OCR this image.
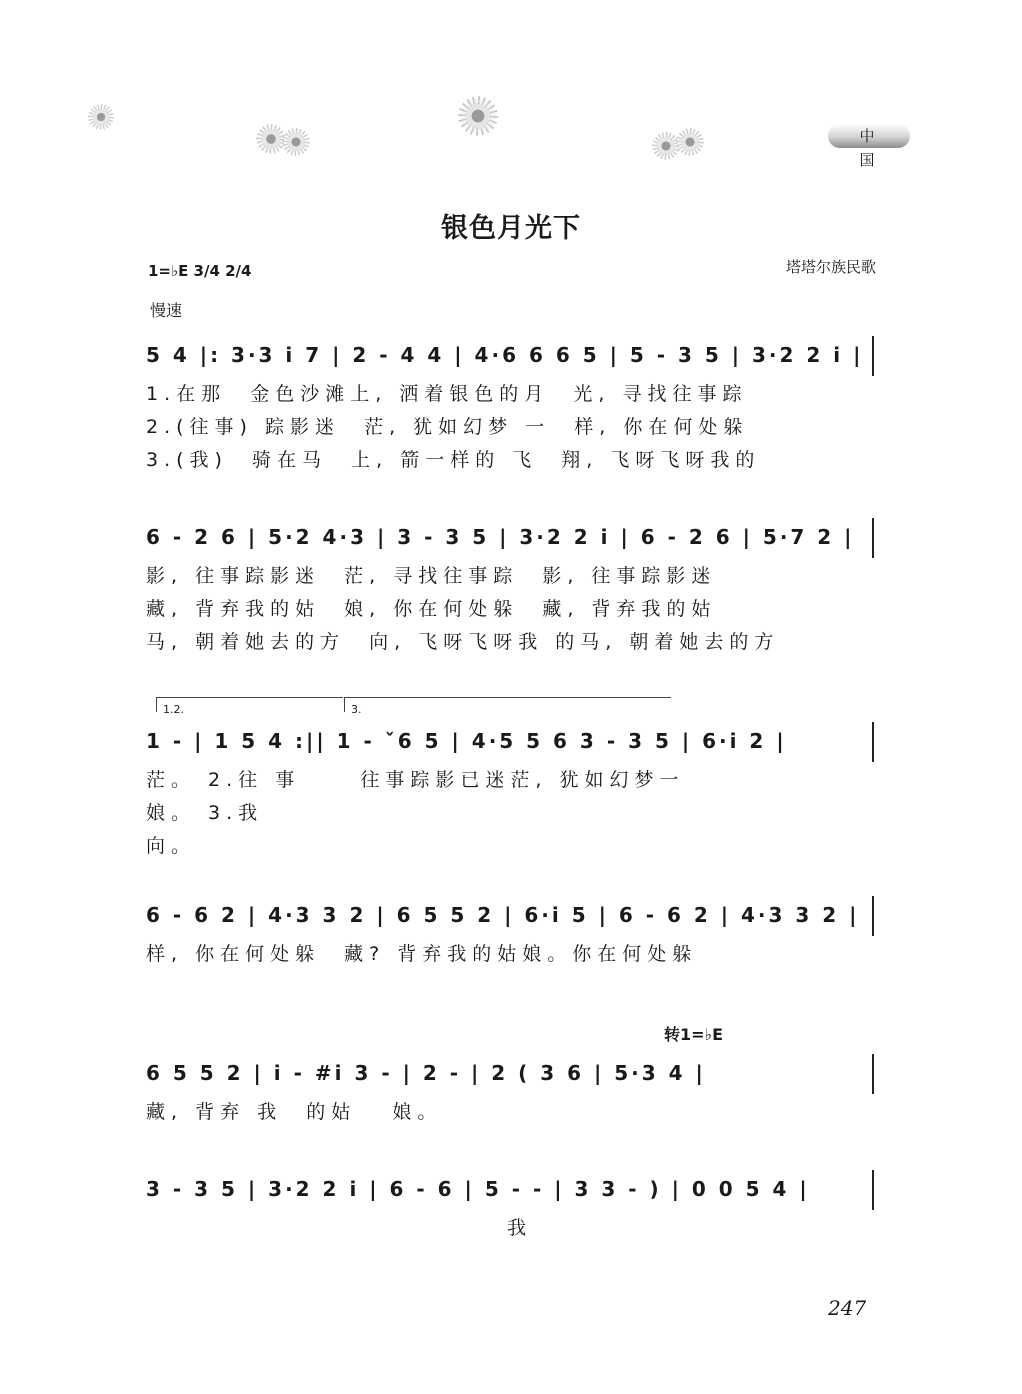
中 国
银色月光下
塔塔尔族民歌
1=♭E 3/4 2/4
慢速
5 4 |: 3·3 i 7 | 2 - 4 4 | 4·6 6 6 5 | 5 - 3 5 | 3·2 2 i |
1.在那  金色沙滩上, 洒着银色的月  光, 寻找往事踪
2.(往事) 踪影迷  茫, 犹如幻梦 一  样, 你在何处躲
3.(我)  骑在马  上, 箭一样的 飞  翔, 飞呀飞呀我的
6 - 2 6 | 5·2 4·3 | 3 - 3 5 | 3·2 2 i | 6 - 2 6 | 5·7 2 |
影, 往事踪影迷  茫, 寻找往事踪  影, 往事踪影迷
藏, 背弃我的姑  娘, 你在何处躲  藏, 背弃我的姑
马, 朝着她去的方  向, 飞呀飞呀我 的马, 朝着她去的方
1.2.	3.
1 - | 1 5 4 :|| 1 - ˇ6 5 | 4·5 5 6 3 - 3 5 | 6·i 2 |
茫。 2.往 事     往事踪影已迷茫, 犹如幻梦一
娘。 3.我
向。
6 - 6 2 | 4·3 3 2 | 6 5 5 2 | 6·i 5 | 6 - 6 2 | 4·3 3 2 |
样, 你在何处躲  藏? 背弃我的姑娘。你在何处躲
转1=♭E
6 5 5 2 | i - #i 3 - | 2 - | 2 ( 3 6 | 5·3 4 |
藏, 背弃 我  的姑   娘。
3 - 3 5 | 3·2 2 i | 6 - 6 | 5 - - | 3 3 - ) | 0 0 5 4 |
我
247
